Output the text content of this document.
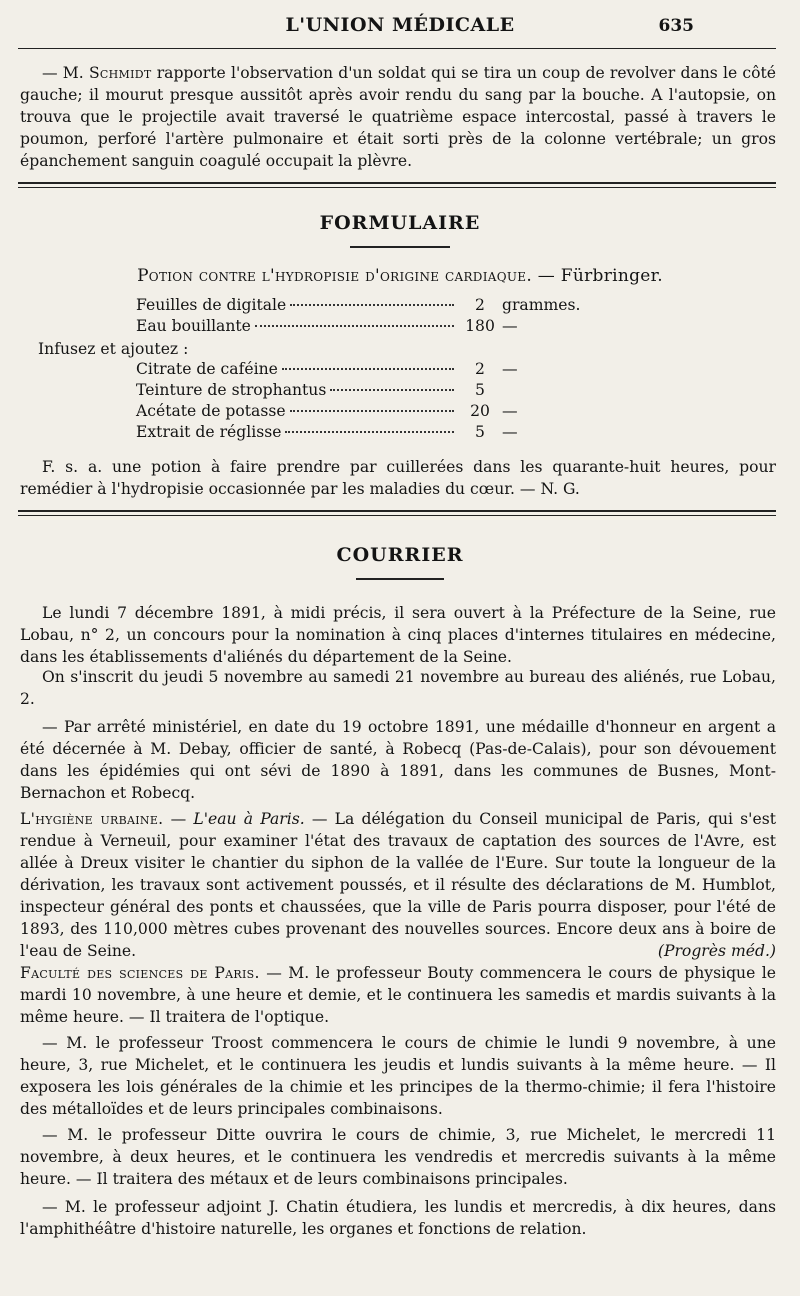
L'UNION MÉDICALE	635
— M. Schmidt rapporte l'observation d'un soldat qui se tira un coup de revolver dans le côté gauche; il mourut presque aussitôt après avoir rendu du sang par la bouche. A l'autopsie, on trouva que le projectile avait traversé le quatrième espace intercostal, passé à travers le poumon, perforé l'artère pulmonaire et était sorti près de la colonne vertébrale; un gros épanchement sanguin coagulé occupait la plèvre.
FORMULAIRE
Potion contre l'hydropisie d'origine cardiaque. — Fürbringer.
Feuilles de digitale	2	grammes.
Eau bouillante	180 —
Infusez et ajoutez :
Citrate de caféine	2	—
Teinture de strophantus	5
Acétate de potasse	20 —
Extrait de réglisse	5	—
F. s. a. une potion à faire prendre par cuillerées dans les quarante-huit heures, pour remédier à l'hydropisie occasionnée par les maladies du cœur. — N. G.
COURRIER
Le lundi 7 décembre 1891, à midi précis, il sera ouvert à la Préfecture de la Seine, rue Lobau, n° 2, un concours pour la nomination à cinq places d'internes titulaires en médecine, dans les établissements d'aliénés du département de la Seine.
On s'inscrit du jeudi 5 novembre au samedi 21 novembre au bureau des aliénés, rue Lobau, 2.
— Par arrêté ministériel, en date du 19 octobre 1891, une médaille d'honneur en argent a été décernée à M. Debay, officier de santé, à Robecq (Pas-de-Calais), pour son dévouement dans les épidémies qui ont sévi de 1890 à 1891, dans les communes de Busnes, Mont-Bernachon et Robecq.
L'hygiène urbaine. — L'eau à Paris. — La délégation du Conseil municipal de Paris, qui s'est rendue à Verneuil, pour examiner l'état des travaux de captation des sources de l'Avre, est allée à Dreux visiter le chantier du siphon de la vallée de l'Eure. Sur toute la longueur de la dérivation, les travaux sont activement poussés, et il résulte des déclarations de M. Humblot, inspecteur général des ponts et chaussées, que la ville de Paris pourra disposer, pour l'été de 1893, des 110,000 mètres cubes provenant des nouvelles sources. Encore deux ans à boire de l'eau de Seine.	(Progrès méd.)
Faculté des sciences de Paris. — M. le professeur Bouty commencera le cours de physique le mardi 10 novembre, à une heure et demie, et le continuera les samedis et mardis suivants à la même heure. — Il traitera de l'optique.
— M. le professeur Troost commencera le cours de chimie le lundi 9 novembre, à une heure, 3, rue Michelet, et le continuera les jeudis et lundis suivants à la même heure. — Il exposera les lois générales de la chimie et les principes de la thermo-chimie; il fera l'histoire des métalloïdes et de leurs principales combinaisons.
— M. le professeur Ditte ouvrira le cours de chimie, 3, rue Michelet, le mercredi 11 novembre, à deux heures, et le continuera les vendredis et mercredis suivants à la même heure. — Il traitera des métaux et de leurs combinaisons principales.
— M. le professeur adjoint J. Chatin étudiera, les lundis et mercredis, à dix heures, dans l'amphithéâtre d'histoire naturelle, les organes et fonctions de relation.
